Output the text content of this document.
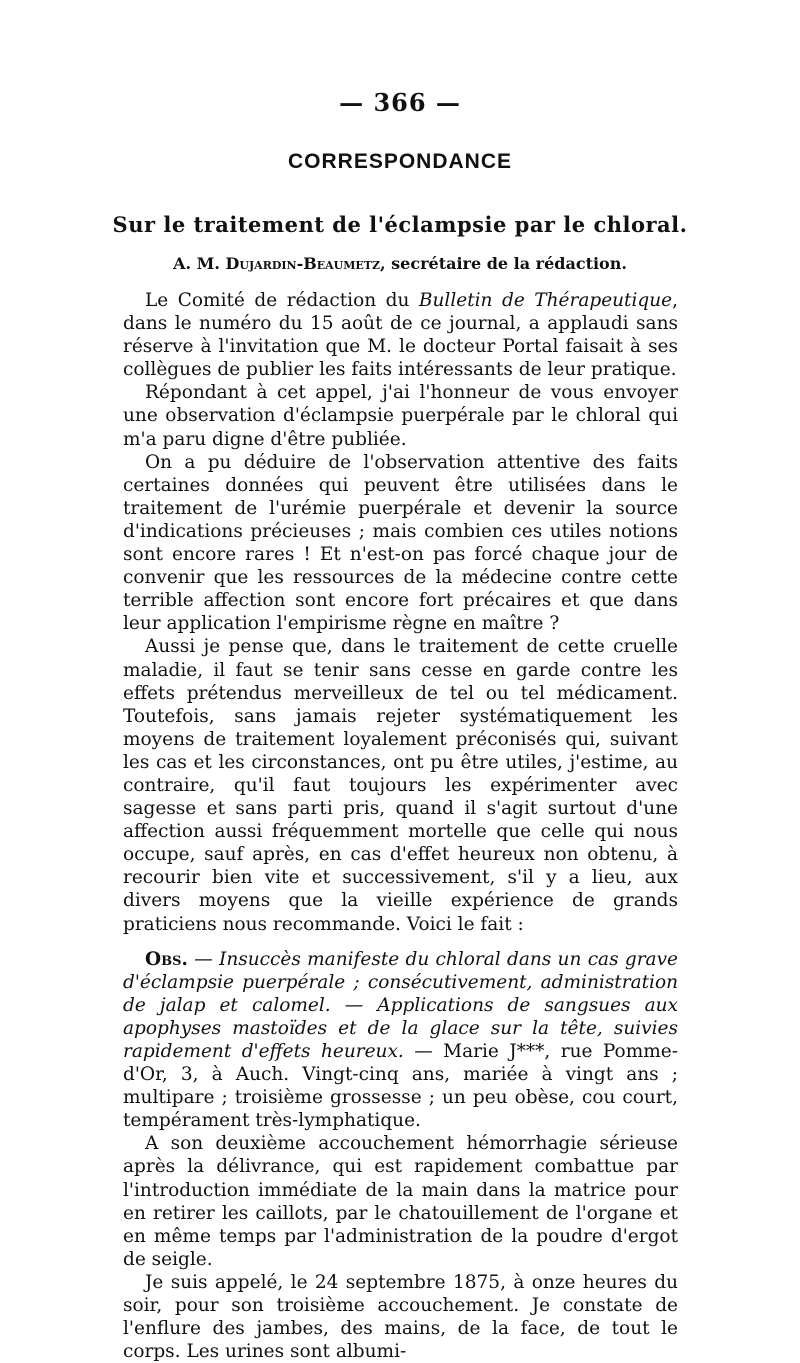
— 366 —
CORRESPONDANCE
Sur le traitement de l'éclampsie par le chloral.
A. M. Dujardin-Beaumetz, secrétaire de la rédaction.

Le Comité de rédaction du Bulletin de Thérapeutique, dans le numéro du 15 août de ce journal, a applaudi sans réserve à l'invitation que M. le docteur Portal faisait à ses collègues de publier les faits intéressants de leur pratique.

Répondant à cet appel, j'ai l'honneur de vous envoyer une observation d'éclampsie puerpérale par le chloral qui m'a paru digne d'être publiée.

On a pu déduire de l'observation attentive des faits certaines données qui peuvent être utilisées dans le traitement de l'urémie puerpérale et devenir la source d'indications précieuses ; mais combien ces utiles notions sont encore rares ! Et n'est-on pas forcé chaque jour de convenir que les ressources de la médecine contre cette terrible affection sont encore fort précaires et que dans leur application l'empirisme règne en maître ?

Aussi je pense que, dans le traitement de cette cruelle maladie, il faut se tenir sans cesse en garde contre les effets prétendus merveilleux de tel ou tel médicament. Toutefois, sans jamais rejeter systématiquement les moyens de traitement loyalement préconisés qui, suivant les cas et les circonstances, ont pu être utiles, j'estime, au contraire, qu'il faut toujours les expérimenter avec sagesse et sans parti pris, quand il s'agit surtout d'une affection aussi fréquemment mortelle que celle qui nous occupe, sauf après, en cas d'effet heureux non obtenu, à recourir bien vite et successivement, s'il y a lieu, aux divers moyens que la vieille expérience de grands praticiens nous recommande. Voici le fait :

Obs. — Insuccès manifeste du chloral dans un cas grave d'éclampsie puerpérale ; consécutivement, administration de jalap et calomel. — Applications de sangsues aux apophyses mastoïdes et de la glace sur la tête, suivies rapidement d'effets heureux. — Marie J***, rue Pomme-d'Or, 3, à Auch. Vingt-cinq ans, mariée à vingt ans ; multipare ; troisième grossesse ; un peu obèse, cou court, tempérament très-lymphatique.

A son deuxième accouchement hémorrhagie sérieuse après la délivrance, qui est rapidement combattue par l'introduction immédiate de la main dans la matrice pour en retirer les caillots, par le chatouillement de l'organe et en même temps par l'administration de la poudre d'ergot de seigle.

Je suis appelé, le 24 septembre 1875, à onze heures du soir, pour son troisième accouchement. Je constate de l'enflure des jambes, des mains, de la face, de tout le corps. Les urines sont albumi-
